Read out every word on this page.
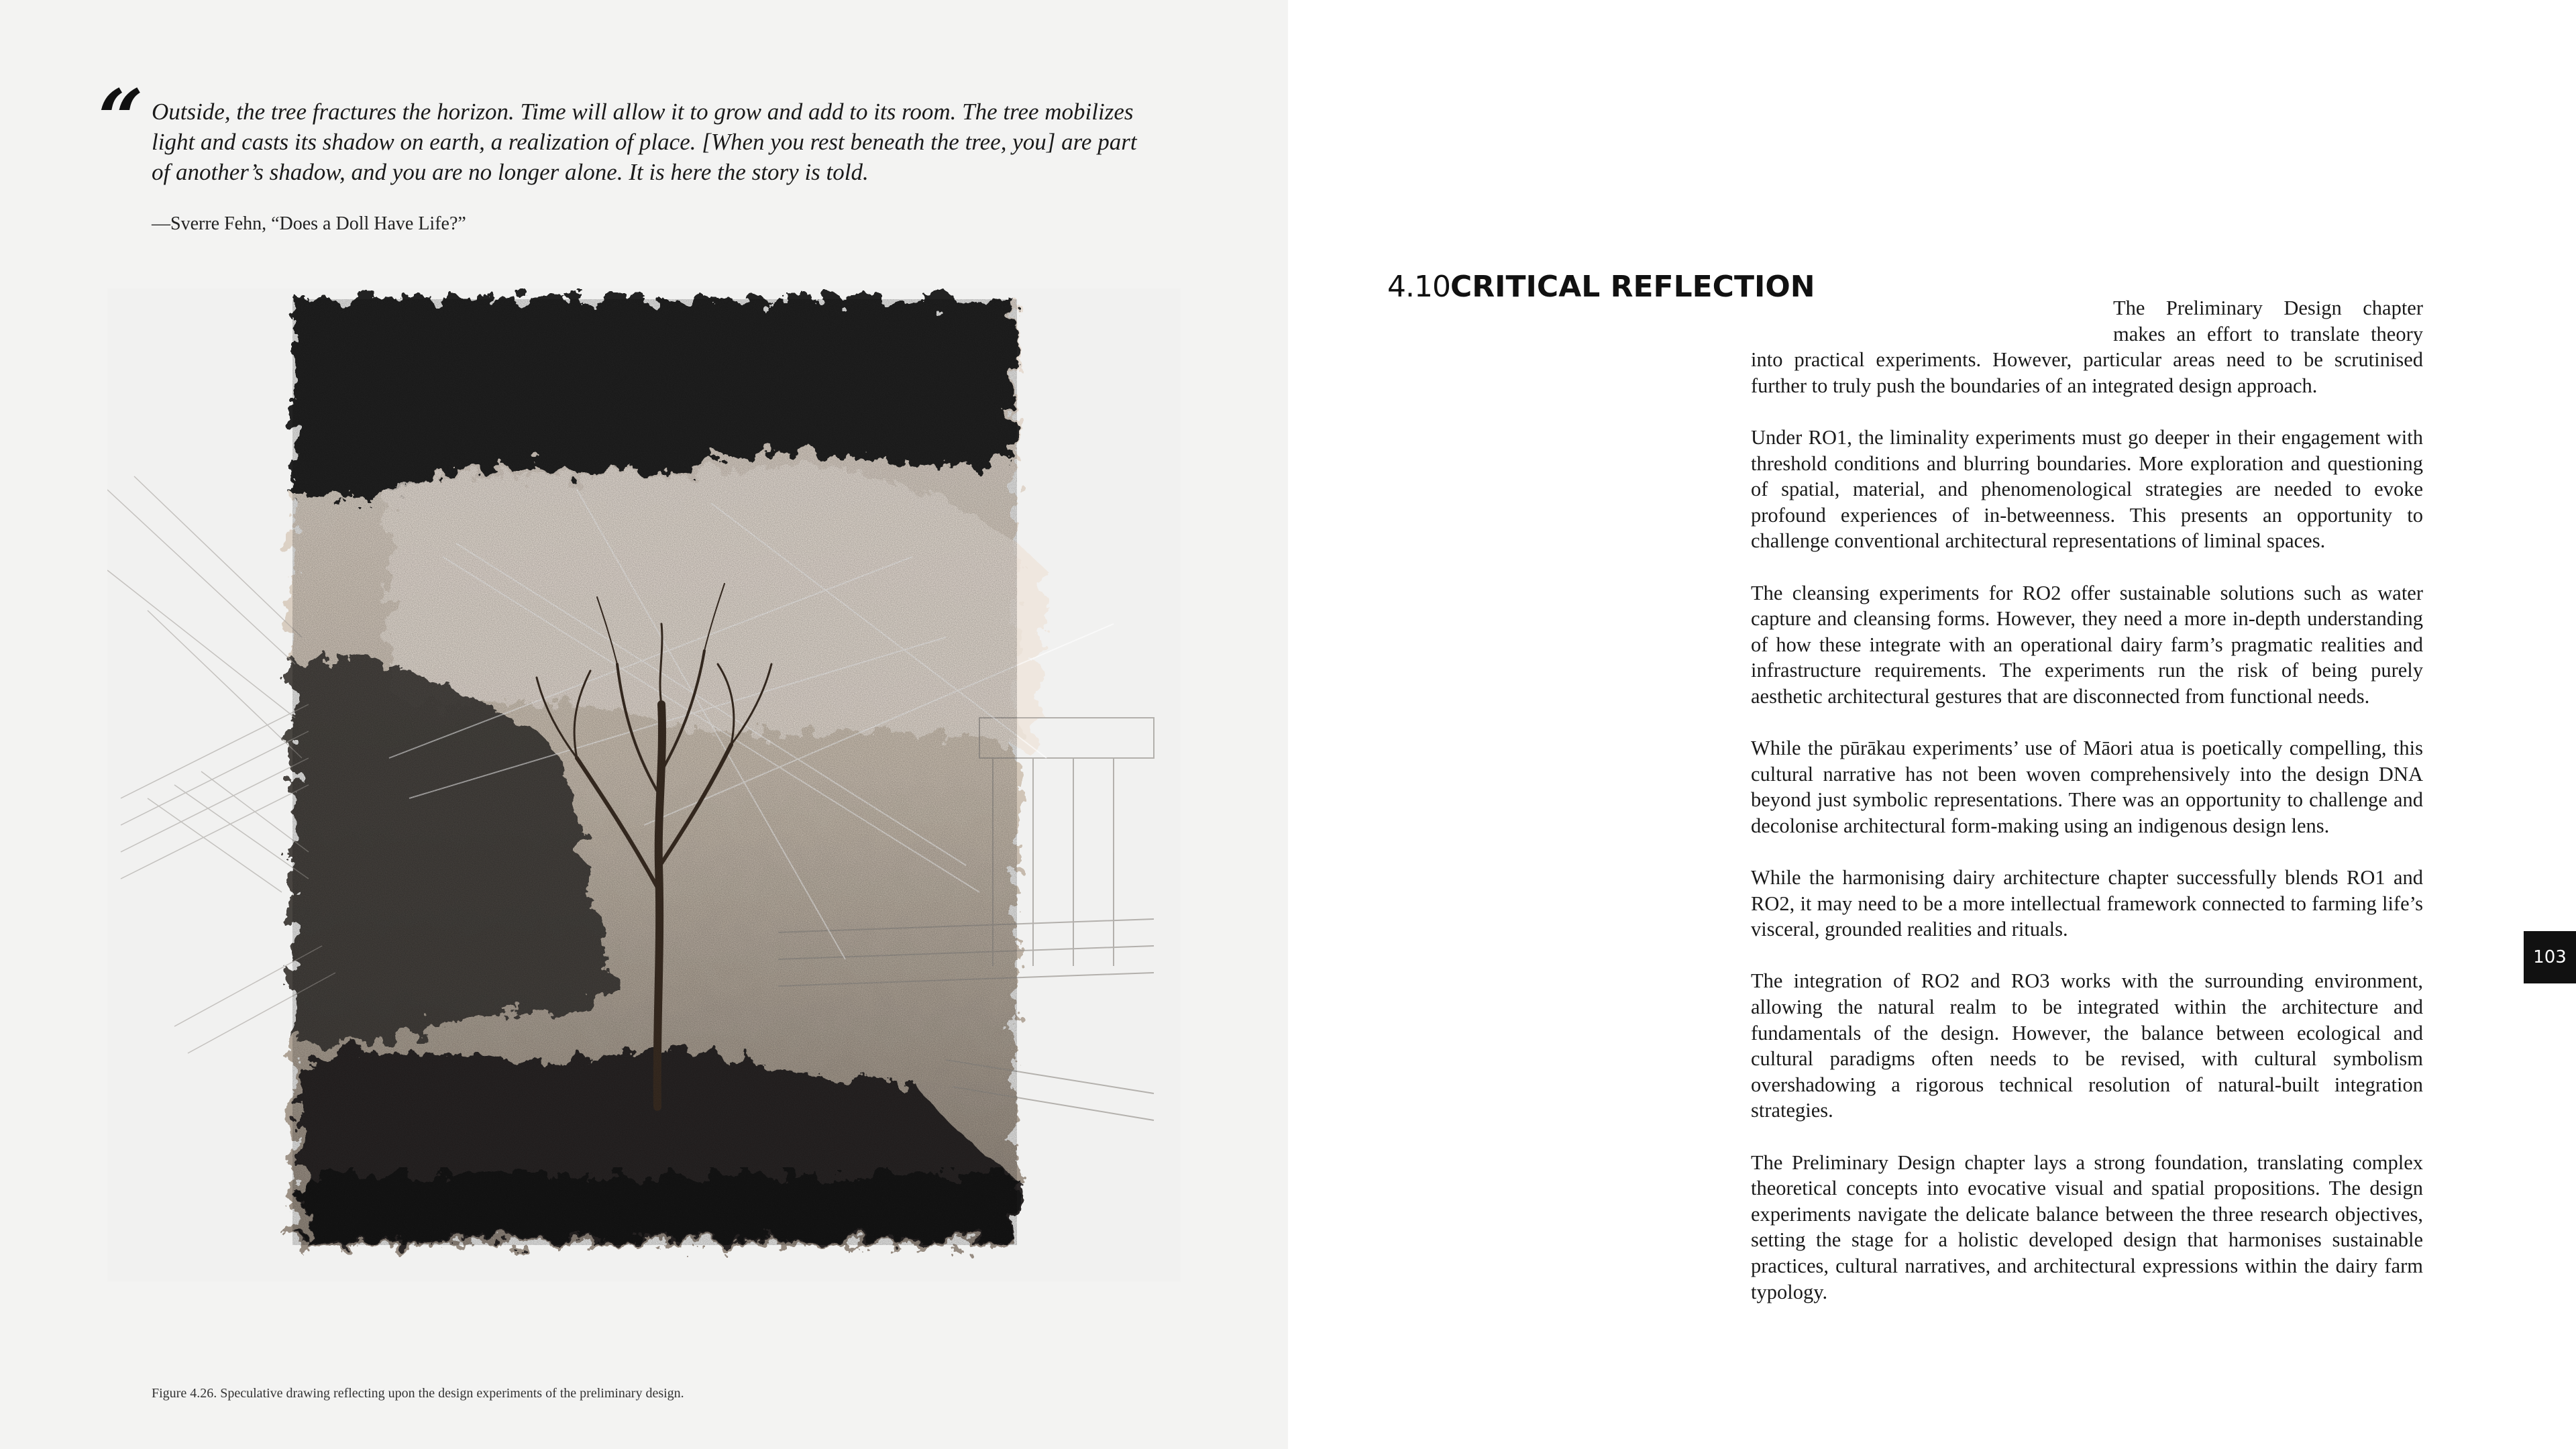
“ Outside, the tree fractures the horizon. Time will allow it to grow and add to its room. The tree mobilizes light and casts its shadow on earth, a realization of place. [When you rest beneath the tree, you] are part of another’s shadow, and you are no longer alone. It is here the story is told.
—Sverre Fehn, “Does a Doll Have Life?”
Figure 4.26. Speculative drawing reflecting upon the design experiments of the preliminary design.
4.10CRITICAL REFLECTION

The Preliminary Design chapter makes an effort to translate theory into practical experiments. However, particular areas need to be scrutinised further to truly push the boundaries of an integrated design approach.

Under RO1, the liminality experiments must go deeper in their engagement with threshold conditions and blurring boundaries. More exploration and questioning of spatial, material, and phenomenological strategies are needed to evoke profound experiences of in-betweenness. This presents an opportunity to challenge conventional architectural representations of liminal spaces.

The cleansing experiments for RO2 offer sustainable solutions such as water capture and cleansing forms. However, they need a more in-depth understanding of how these integrate with an operational dairy farm’s pragmatic realities and infrastructure requirements. The experiments run the risk of being purely aesthetic architectural gestures that are disconnected from functional needs.

While the pūrākau experiments’ use of Māori atua is poetically compelling, this cultural narrative has not been woven comprehensively into the design DNA beyond just symbolic representations. There was an opportunity to challenge and decolonise architectural form-making using an indigenous design lens.

While the harmonising dairy architecture chapter successfully blends RO1 and RO2, it may need to be a more intellectual framework connected to farming life’s visceral, grounded realities and rituals.

The integration of RO2 and RO3 works with the surrounding environment, allowing the natural realm to be integrated within the architecture and fundamentals of the design. However, the balance between ecological and cultural paradigms often needs to be revised, with cultural symbolism overshadowing a rigorous technical resolution of natural-built integration strategies.

The Preliminary Design chapter lays a strong foundation, translating complex theoretical concepts into evocative visual and spatial propositions. The design experiments navigate the delicate balance between the three research objectives, setting the stage for a holistic developed design that harmonises sustainable practices, cultural narratives, and architectural expressions within the dairy farm typology.

103
